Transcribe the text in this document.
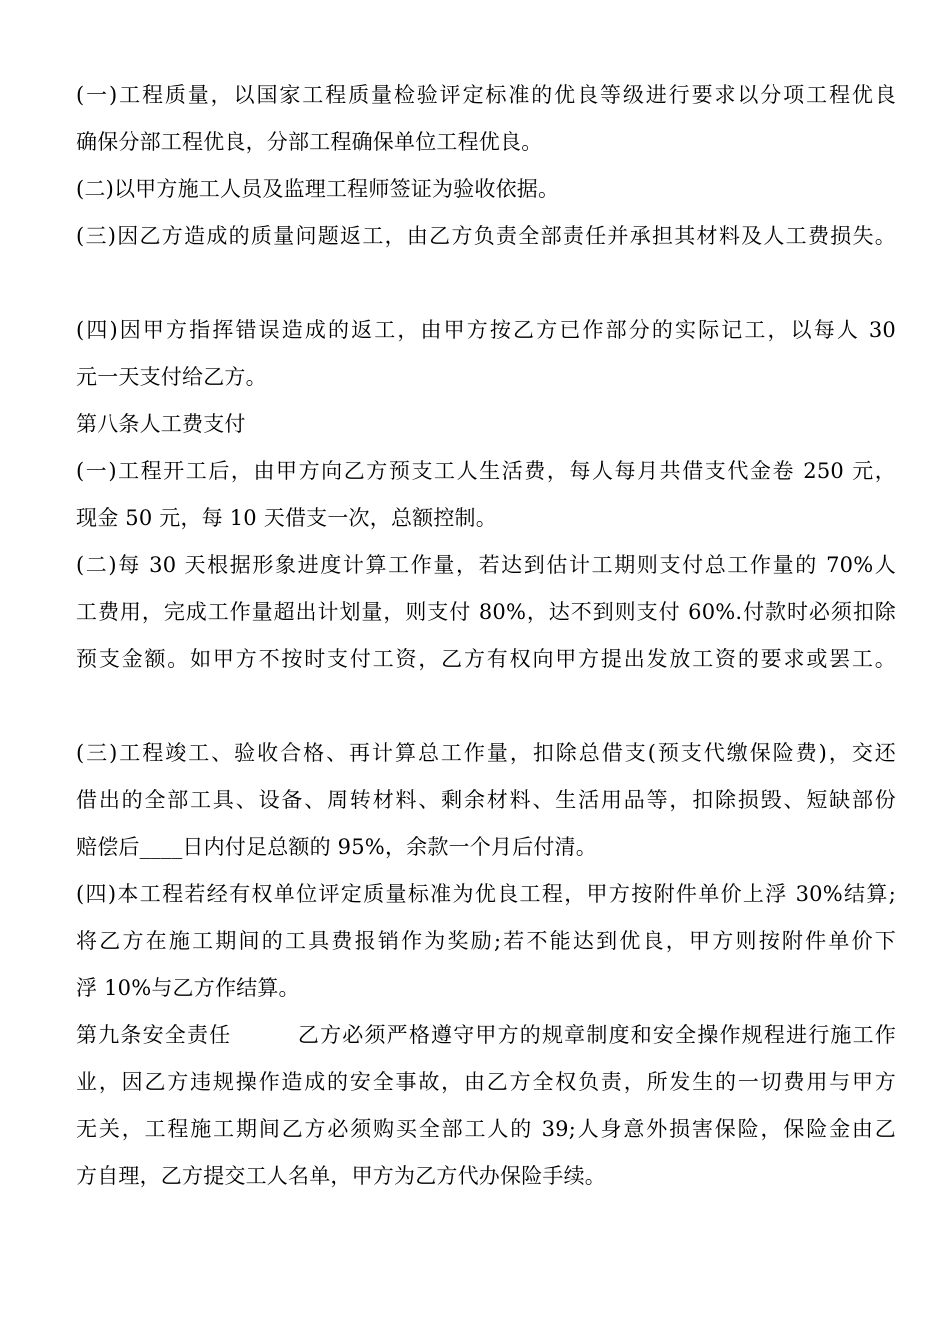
(一)工程质量，以国家工程质量检验评定标准的优良等级进行要求以分项工程优良
确保分部工程优良，分部工程确保单位工程优良。
(二)以甲方施工人员及监理工程师签证为验收依据。
(三)因乙方造成的质量问题返工，由乙方负责全部责任并承担其材料及人工费损失。
(四)因甲方指挥错误造成的返工，由甲方按乙方已作部分的实际记工，以每人 30
元一天支付给乙方。
第八条人工费支付
(一)工程开工后，由甲方向乙方预支工人生活费，每人每月共借支代金卷 250 元，
现金 50 元，每 10 天借支一次，总额控制。
(二)每 30 天根据形象进度计算工作量，若达到估计工期则支付总工作量的 70%人
工费用，完成工作量超出计划量，则支付 80%，达不到则支付 60%.付款时必须扣除
预支金额。如甲方不按时支付工资，乙方有权向甲方提出发放工资的要求或罢工。
(三)工程竣工、验收合格、再计算总工作量，扣除总借支(预支代缴保险费)，交还
借出的全部工具、设备、周转材料、剩余材料、生活用品等，扣除损毁、短缺部份
赔偿后____日内付足总额的 95%，余款一个月后付清。
(四)本工程若经有权单位评定质量标准为优良工程，甲方按附件单价上浮 30%结算;
将乙方在施工期间的工具费报销作为奖励;若不能达到优良，甲方则按附件单价下
浮 10%与乙方作结算。
第九条安全责任　　　乙方必须严格遵守甲方的规章制度和安全操作规程进行施工作
业，因乙方违规操作造成的安全事故，由乙方全权负责，所发生的一切费用与甲方
无关，工程施工期间乙方必须购买全部工人的 39;人身意外损害保险，保险金由乙
方自理，乙方提交工人名单，甲方为乙方代办保险手续。
